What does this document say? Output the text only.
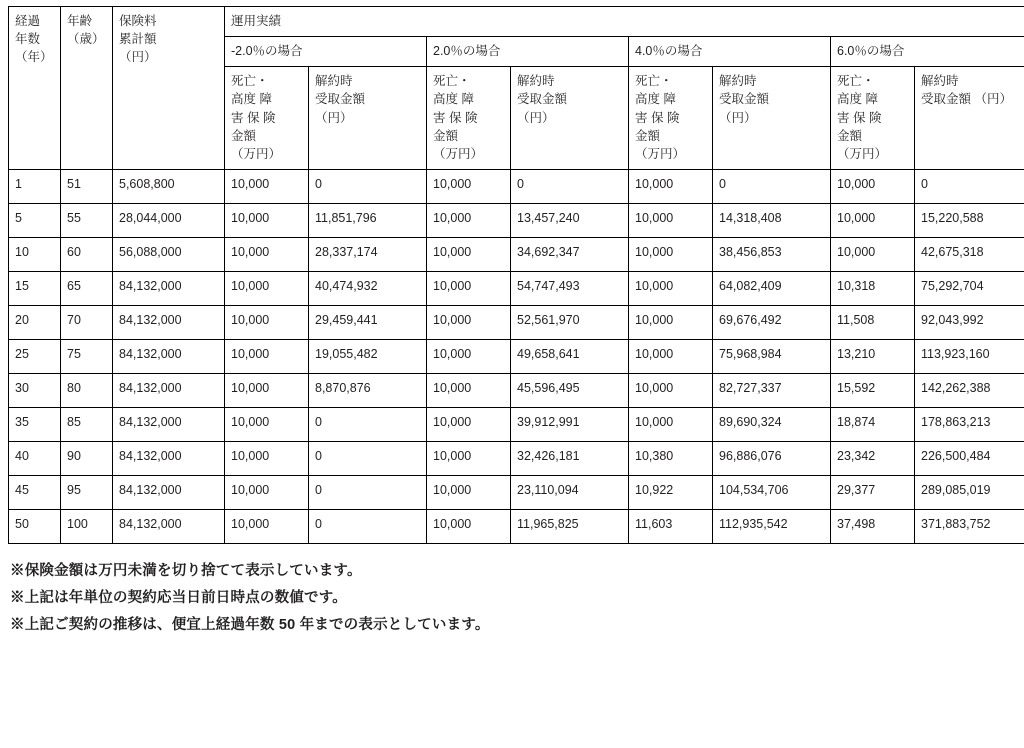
経過
年数
（年）	年齢
（歳）	保険料
累計額
（円）	運用実績							
			-2.0％の場合		2.0％の場合		4.0％の場合		6.0％の場合	
			死亡・
高度 障
害 保 険
金額
（万円）	解約時
受取金額
（円）	死亡・
高度 障
害 保 険
金額
（万円）	解約時
受取金額
（円）	死亡・
高度 障
害 保 険
金額
（万円）	解約時
受取金額
（円）	死亡・
高度 障
害 保 険
金額
（万円）	解約時
受取金額 （円）
1	51	5,608,800	10,000	0	10,000	0	10,000	0	10,000	0
5	55	28,044,000	10,000	11,851,796	10,000	13,457,240	10,000	14,318,408	10,000	15,220,588
10	60	56,088,000	10,000	28,337,174	10,000	34,692,347	10,000	38,456,853	10,000	42,675,318
15	65	84,132,000	10,000	40,474,932	10,000	54,747,493	10,000	64,082,409	10,318	75,292,704
20	70	84,132,000	10,000	29,459,441	10,000	52,561,970	10,000	69,676,492	11,508	92,043,992
25	75	84,132,000	10,000	19,055,482	10,000	49,658,641	10,000	75,968,984	13,210	113,923,160
30	80	84,132,000	10,000	8,870,876	10,000	45,596,495	10,000	82,727,337	15,592	142,262,388
35	85	84,132,000	10,000	0	10,000	39,912,991	10,000	89,690,324	18,874	178,863,213
40	90	84,132,000	10,000	0	10,000	32,426,181	10,380	96,886,076	23,342	226,500,484
45	95	84,132,000	10,000	0	10,000	23,110,094	10,922	104,534,706	29,377	289,085,019
50	100	84,132,000	10,000	0	10,000	11,965,825	11,603	112,935,542	37,498	371,883,752
※保険金額は万円未満を切り捨てて表示しています。
※上記は年単位の契約応当日前日時点の数値です。
※上記ご契約の推移は、便宜上経過年数 50 年までの表示としています。
